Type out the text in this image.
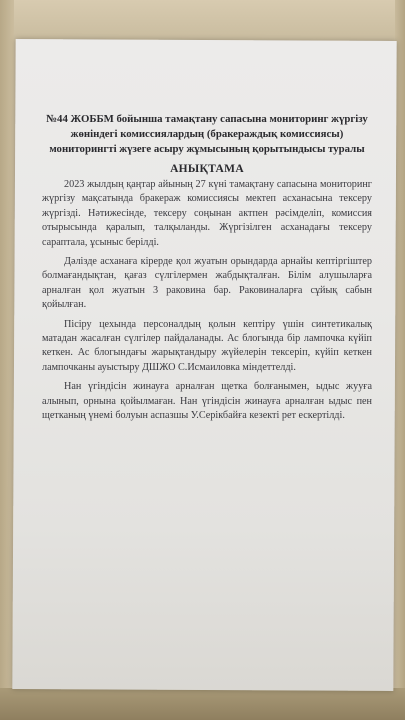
№44 ЖОББМ бойынша тамақтану сапасына мониторинг жүргізу жөніндегі комиссиялардың (бракераждық комиссиясы) мониторингті жүзеге асыру жұмысының қорытындысы туралы
АНЫҚТАМА

2023 жылдың қаңтар айының 27 күні тамақтану сапасына мониторинг жүргізу мақсатында бракераж комиссиясы мектеп асханасына тексеру жүргізді. Нәтижесінде, тексеру соңынан актпен рәсімделіп, комиссия отырысында қаралып, талқыланды. Жүргізілген асханадағы тексеру сараптала, ұсыныс берілді.

Дәлізде асханаға кірерде қол жуатын орындарда арнайы кептіргіштер болмағандықтан, қағаз сүлгілермен жабдықталған. Білім алушыларға арналған қол жуатын 3 раковина бар. Раковиналарға сұйық сабын қойылған.

Пісіру цехында персоналдың қолын кептіру үшін синтетикалық матадан жасалған сүлгілер пайдаланады. Ас блогында бір лампочка күйіп кеткен. Ас блогындағы жарықтандыру жүйелерін тексеріп, күйіп кеткен лампочканы ауыстыру ДШЖО С.Исмаиловка міндеттелді.

Нан үгіндісін жинауға арналған щетка болғанымен, ыдыс жууға алынып, орнына қойылмаған. Нан үгіндісін жинауға арналған ыдыс пен щетканың үнемі болуын аспазшы У.Серікбайға кезекті рет ескертілді.
